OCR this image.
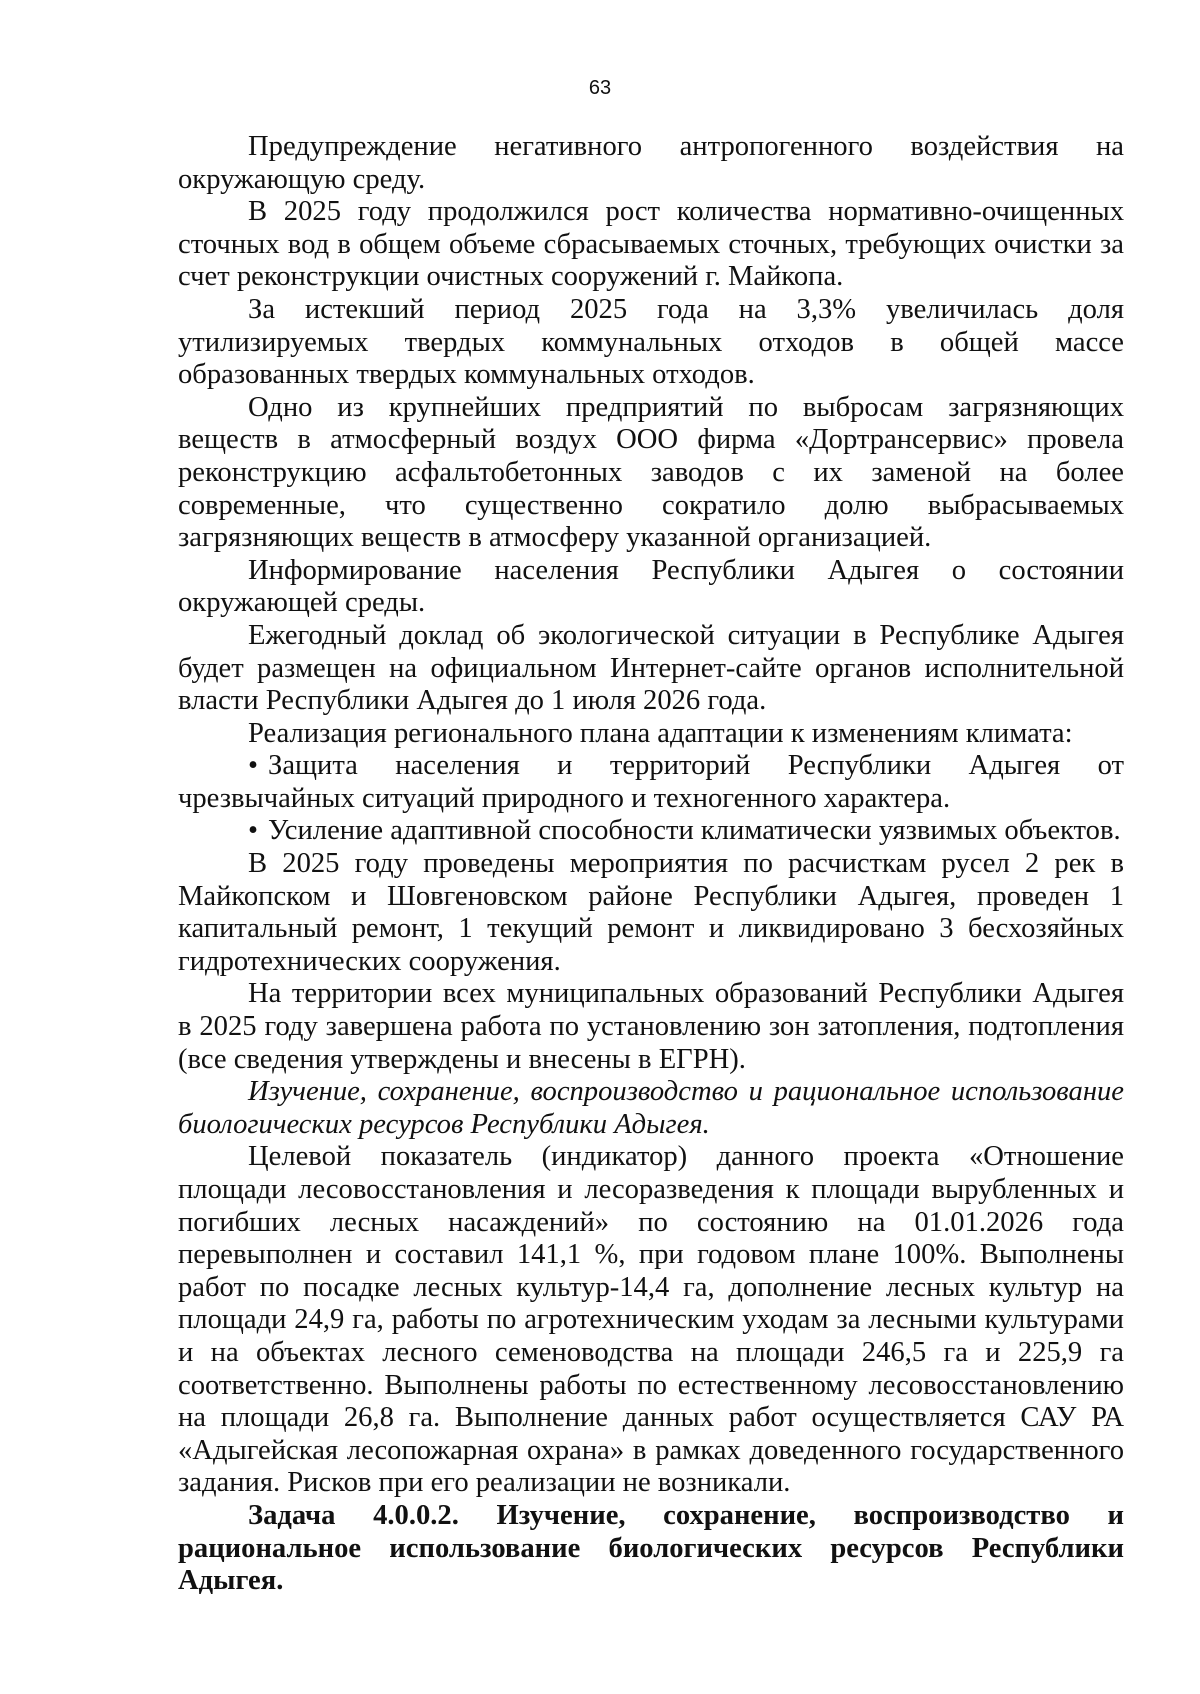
63

Предупреждение негативного антропогенного воздействия на окружающую среду.

В 2025 году продолжился рост количества нормативно-очищенных сточных вод в общем объеме сбрасываемых сточных, требующих очистки за счет реконструкции очистных сооружений г. Майкопа.

За истекший период 2025 года на 3,3% увеличилась доля утилизируемых твердых коммунальных отходов в общей массе образованных твердых коммунальных отходов.

Одно из крупнейших предприятий по выбросам загрязняющих веществ в атмосферный воздух ООО фирма «Дортрансервис» провела реконструкцию асфальтобетонных заводов с их заменой на более современные, что существенно сократило долю выбрасываемых загрязняющих веществ в атмосферу указанной организацией.

Информирование населения Республики Адыгея о состоянии окружающей среды.

Ежегодный доклад об экологической ситуации в Республике Адыгея будет размещен на официальном Интернет-сайте органов исполнительной власти Республики Адыгея до 1 июля 2026 года.

Реализация регионального плана адаптации к изменениям климата:

• Защита населения и территорий Республики Адыгея от чрезвычайных ситуаций природного и техногенного характера.

• Усиление адаптивной способности климатически уязвимых объектов.

В 2025 году проведены мероприятия по расчисткам русел 2 рек в Майкопском и Шовгеновском районе Республики Адыгея, проведен 1 капитальный ремонт, 1 текущий ремонт и ликвидировано 3 бесхозяйных гидротехнических сооружения.

На территории всех муниципальных образований Республики Адыгея в 2025 году завершена работа по установлению зон затопления, подтопления (все сведения утверждены и внесены в ЕГРН).

Изучение, сохранение, воспроизводство и рациональное использование биологических ресурсов Республики Адыгея.

Целевой показатель (индикатор) данного проекта «Отношение площади лесовосстановления и лесоразведения к площади вырубленных и погибших лесных насаждений» по состоянию на 01.01.2026 года перевыполнен и составил 141,1 %, при годовом плане 100%. Выполнены работ по посадке лесных культур-14,4 га, дополнение лесных культур на площади 24,9 га, работы по агротехническим уходам за лесными культурами и на объектах лесного семеноводства на площади 246,5 га и 225,9 га соответственно. Выполнены работы по естественному лесовосстановлению на площади 26,8 га. Выполнение данных работ осуществляется САУ РА «Адыгейская лесопожарная охрана» в рамках доведенного государственного задания. Рисков при его реализации не возникали.

Задача 4.0.0.2. Изучение, сохранение, воспроизводство и рациональное использование биологических ресурсов Республики Адыгея.
